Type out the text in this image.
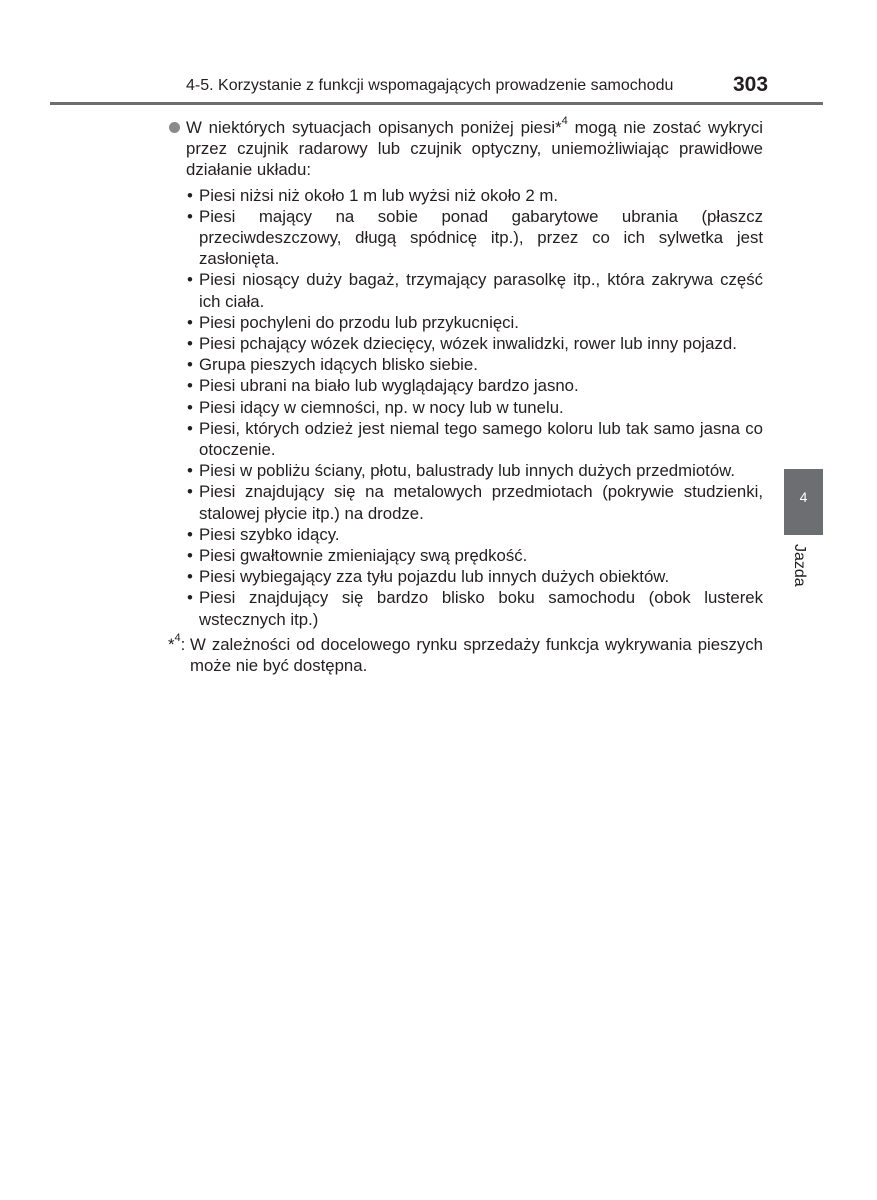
4-5. Korzystanie z funkcji wspomagających prowadzenie samochodu	303

W niektórych sytuacjach opisanych poniżej piesi*$^4$ mogą nie zostać wykryci przez czujnik radarowy lub czujnik optyczny, uniemożliwiając prawidłowe działanie układu:

• Piesi niżsi niż około 1 m lub wyżsi niż około 2 m.
• Piesi mający na sobie ponad gabarytowe ubrania (płaszcz przeciwdeszczowy, długą spódnicę itp.), przez co ich sylwetka jest zasłonięta.
• Piesi niosący duży bagaż, trzymający parasolkę itp., która zakrywa część ich ciała.
• Piesi pochyleni do przodu lub przykucnięci.
• Piesi pchający wózek dziecięcy, wózek inwalidzki, rower lub inny pojazd.
• Grupa pieszych idących blisko siebie.
• Piesi ubrani na biało lub wyglądający bardzo jasno.
• Piesi idący w ciemności, np. w nocy lub w tunelu.
• Piesi, których odzież jest niemal tego samego koloru lub tak samo jasna co otoczenie.
• Piesi w pobliżu ściany, płotu, balustrady lub innych dużych przedmiotów.
• Piesi znajdujący się na metalowych przedmiotach (pokrywie studzienki, stalowej płycie itp.) na drodze.
• Piesi szybko idący.
• Piesi gwałtownie zmieniający swą prędkość.
• Piesi wybiegający zza tyłu pojazdu lub innych dużych obiektów.
• Piesi znajdujący się bardzo blisko boku samochodu (obok lusterek wstecznych itp.)

*$^4$: W zależności od docelowego rynku sprzedaży funkcja wykrywania pieszych może nie być dostępna.

4
Jazda
